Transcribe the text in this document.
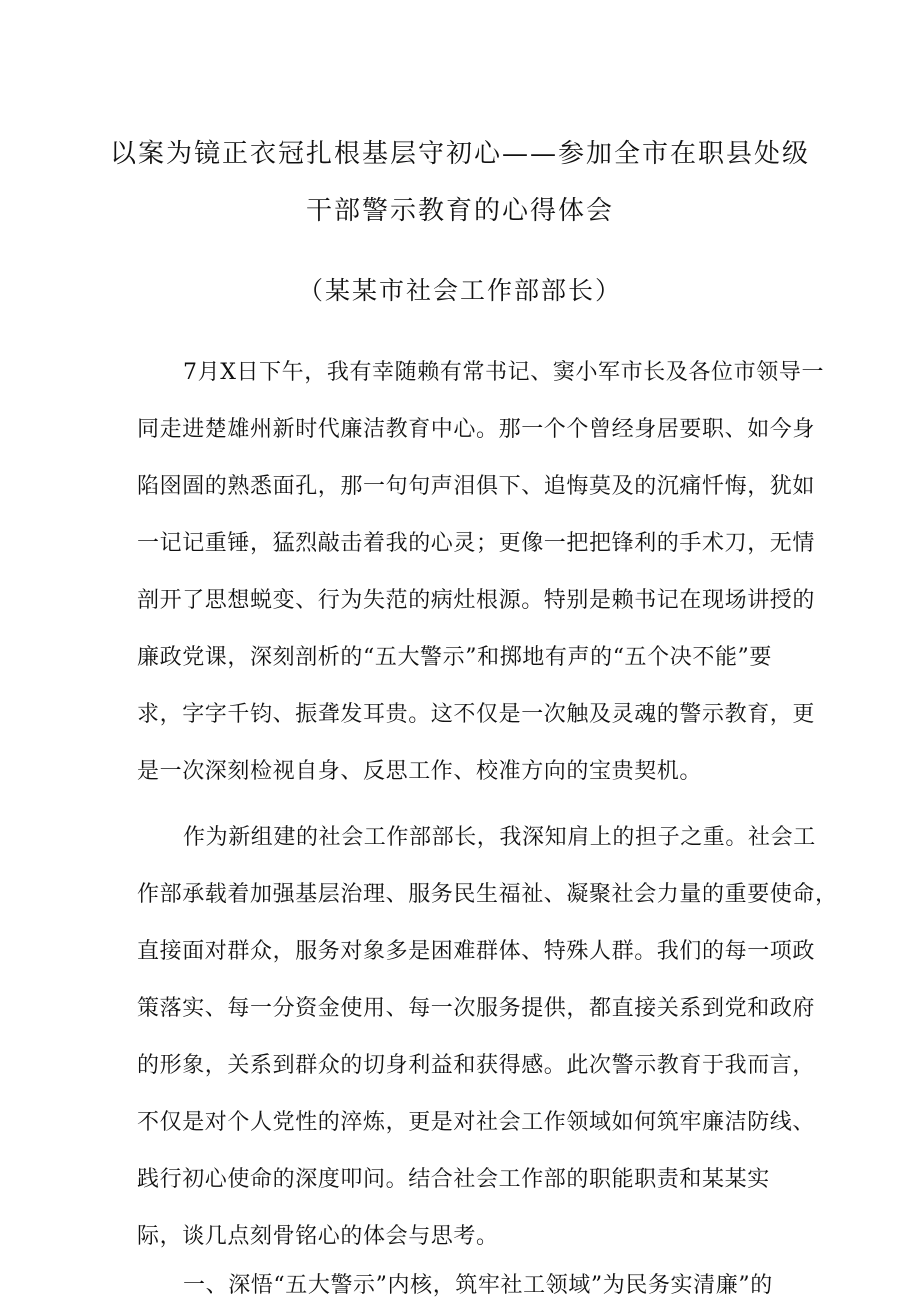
以案为镜正衣冠扎根基层守初心——参加全市在职县处级
干部警示教育的心得体会
（某某市社会工作部部长）
7月X日下午，我有幸随赖有常书记、窦小军市长及各位市领导一
同走进楚雄州新时代廉洁教育中心。那一个个曾经身居要职、如今身
陷囹圄的熟悉面孔，那一句句声泪俱下、追悔莫及的沉痛忏悔，犹如
一记记重锤，猛烈敲击着我的心灵；更像一把把锋利的手术刀，无情
剖开了思想蜕变、行为失范的病灶根源。特别是赖书记在现场讲授的
廉政党课，深刻剖析的“五大警示”和掷地有声的“五个决不能”要
求，字字千钧、振聋发耳贵。这不仅是一次触及灵魂的警示教育，更
是一次深刻检视自身、反思工作、校准方向的宝贵契机。
作为新组建的社会工作部部长，我深知肩上的担子之重。社会工
作部承载着加强基层治理、服务民生福祉、凝聚社会力量的重要使命，
直接面对群众，服务对象多是困难群体、特殊人群。我们的每一项政
策落实、每一分资金使用、每一次服务提供，都直接关系到党和政府
的形象，关系到群众的切身利益和获得感。此次警示教育于我而言，
不仅是对个人党性的淬炼，更是对社会工作领域如何筑牢廉洁防线、
践行初心使命的深度叩问。结合社会工作部的职能职责和某某实
际，谈几点刻骨铭心的体会与思考。
一、深悟“五大警示”内核，筑牢社工领域”为民务实清廉”的
